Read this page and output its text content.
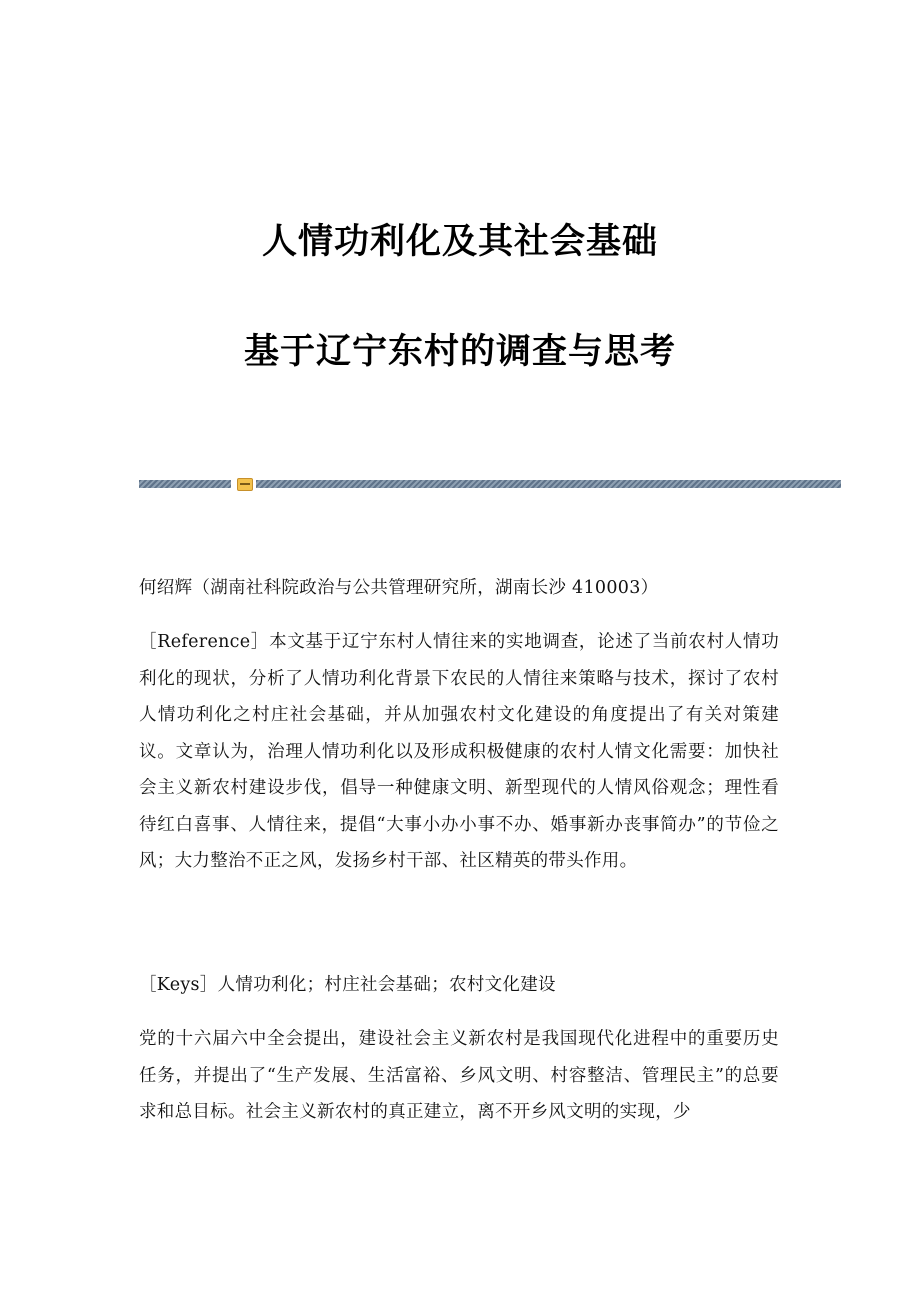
人情功利化及其社会基础
基于辽宁东村的调查与思考
何绍辉（湖南社科院政治与公共管理研究所，湖南长沙 410003）
［Reference］本文基于辽宁东村人情往来的实地调查，论述了当前农村人情功利化的现状，分析了人情功利化背景下农民的人情往来策略与技术，探讨了农村人情功利化之村庄社会基础，并从加强农村文化建设的角度提出了有关对策建议。文章认为，治理人情功利化以及形成积极健康的农村人情文化需要：加快社会主义新农村建设步伐，倡导一种健康文明、新型现代的人情风俗观念；理性看待红白喜事、人情往来，提倡“大事小办小事不办、婚事新办丧事简办”的节俭之风；大力整治不正之风，发扬乡村干部、社区精英的带头作用。
［Keys］人情功利化；村庄社会基础；农村文化建设
党的十六届六中全会提出，建设社会主义新农村是我国现代化进程中的重要历史任务，并提出了“生产发展、生活富裕、乡风文明、村容整洁、管理民主”的总要求和总目标。社会主义新农村的真正建立，离不开乡风文明的实现，少
